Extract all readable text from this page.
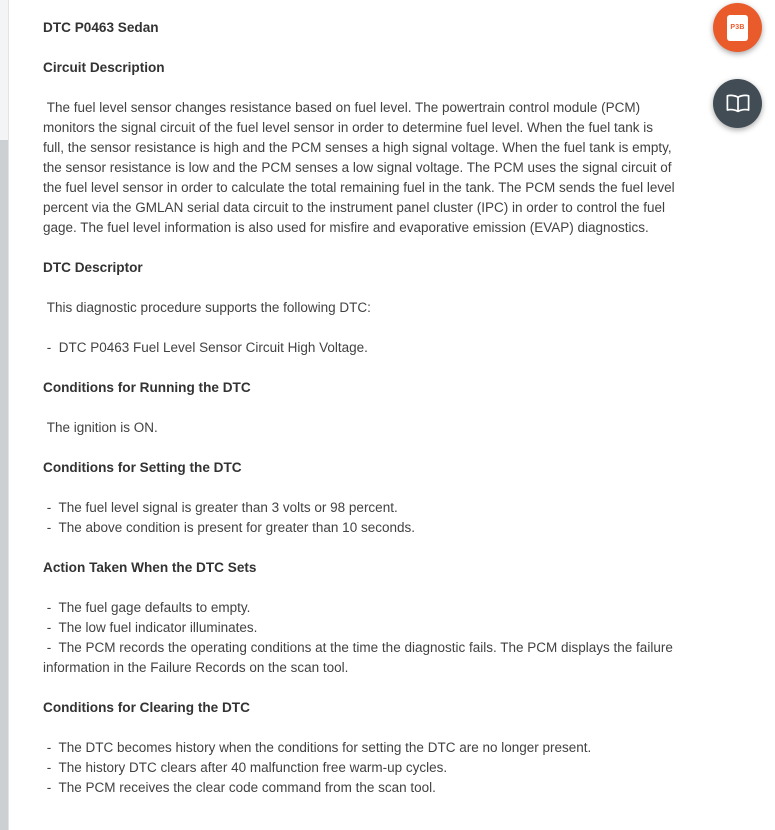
DTC P0463 Sedan
Circuit Description

The fuel level sensor changes resistance based on fuel level. The powertrain control module (PCM) monitors the signal circuit of the fuel level sensor in order to determine fuel level. When the fuel tank is full, the sensor resistance is high and the PCM senses a high signal voltage. When the fuel tank is empty, the sensor resistance is low and the PCM senses a low signal voltage. The PCM uses the signal circuit of the fuel level sensor in order to calculate the total remaining fuel in the tank. The PCM sends the fuel level percent via the GMLAN serial data circuit to the instrument panel cluster (IPC) in order to control the fuel gage. The fuel level information is also used for misfire and evaporative emission (EVAP) diagnostics.

DTC Descriptor

This diagnostic procedure supports the following DTC:

- DTC P0463 Fuel Level Sensor Circuit High Voltage.
Conditions for Running the DTC

The ignition is ON.

Conditions for Setting the DTC
- The fuel level signal is greater than 3 volts or 98 percent.
- The above condition is present for greater than 10 seconds.
Action Taken When the DTC Sets
- The fuel gage defaults to empty.
- The low fuel indicator illuminates.
- The PCM records the operating conditions at the time the diagnostic fails. The PCM displays the failure information in the Failure Records on the scan tool.
Conditions for Clearing the DTC
- The DTC becomes history when the conditions for setting the DTC are no longer present.
- The history DTC clears after 40 malfunction free warm-up cycles.
- The PCM receives the clear code command from the scan tool.
P3B
